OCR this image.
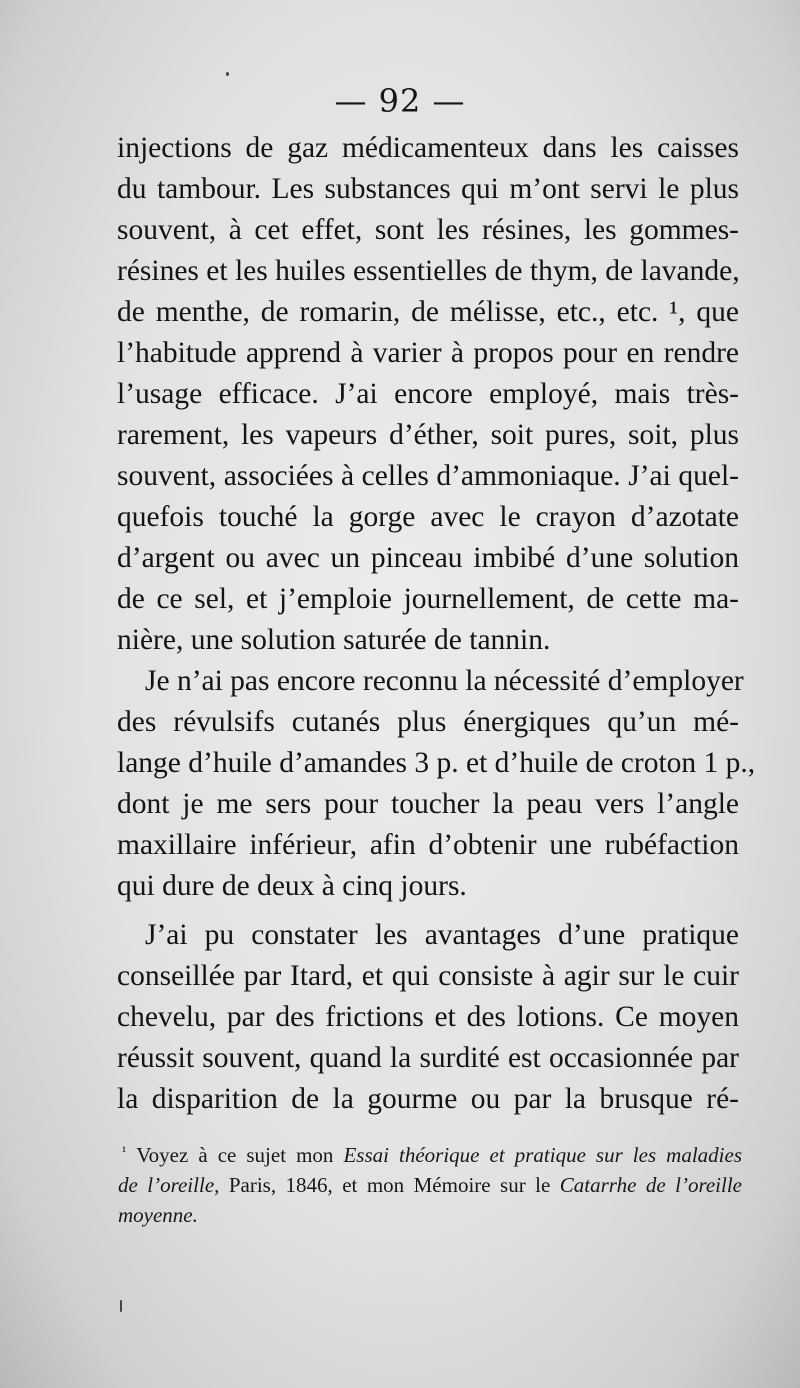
— 92 —

injections de gaz médicamenteux dans les caisses
du tambour. Les substances qui m’ont servi le plus
souvent, à cet effet, sont les résines, les gommes-
résines et les huiles essentielles de thym, de lavande,
de menthe, de romarin, de mélisse, etc., etc. ¹, que
l’habitude apprend à varier à propos pour en rendre
l’usage efficace. J’ai encore employé, mais très-
rarement, les vapeurs d’éther, soit pures, soit, plus
souvent, associées à celles d’ammoniaque. J’ai quel-
quefois touché la gorge avec le crayon d’azotate
d’argent ou avec un pinceau imbibé d’une solution
de ce sel, et j’emploie journellement, de cette ma-
nière, une solution saturée de tannin.

Je n’ai pas encore reconnu la nécessité d’employer
des révulsifs cutanés plus énergiques qu’un mé-
lange d’huile d’amandes 3 p. et d’huile de croton 1 p.,
dont je me sers pour toucher la peau vers l’angle
maxillaire inférieur, afin d’obtenir une rubéfaction
qui dure de deux à cinq jours.

J’ai pu constater les avantages d’une pratique
conseillée par Itard, et qui consiste à agir sur le cuir
chevelu, par des frictions et des lotions. Ce moyen
réussit souvent, quand la surdité est occasionnée par
la disparition de la gourme ou par la brusque ré-

$^{^1}$ Voyez à ce sujet mon Essai théorique et pratique sur les maladies
de l’oreille, Paris, 1846, et mon Mémoire sur le Catarrhe de l’oreille
moyenne.
